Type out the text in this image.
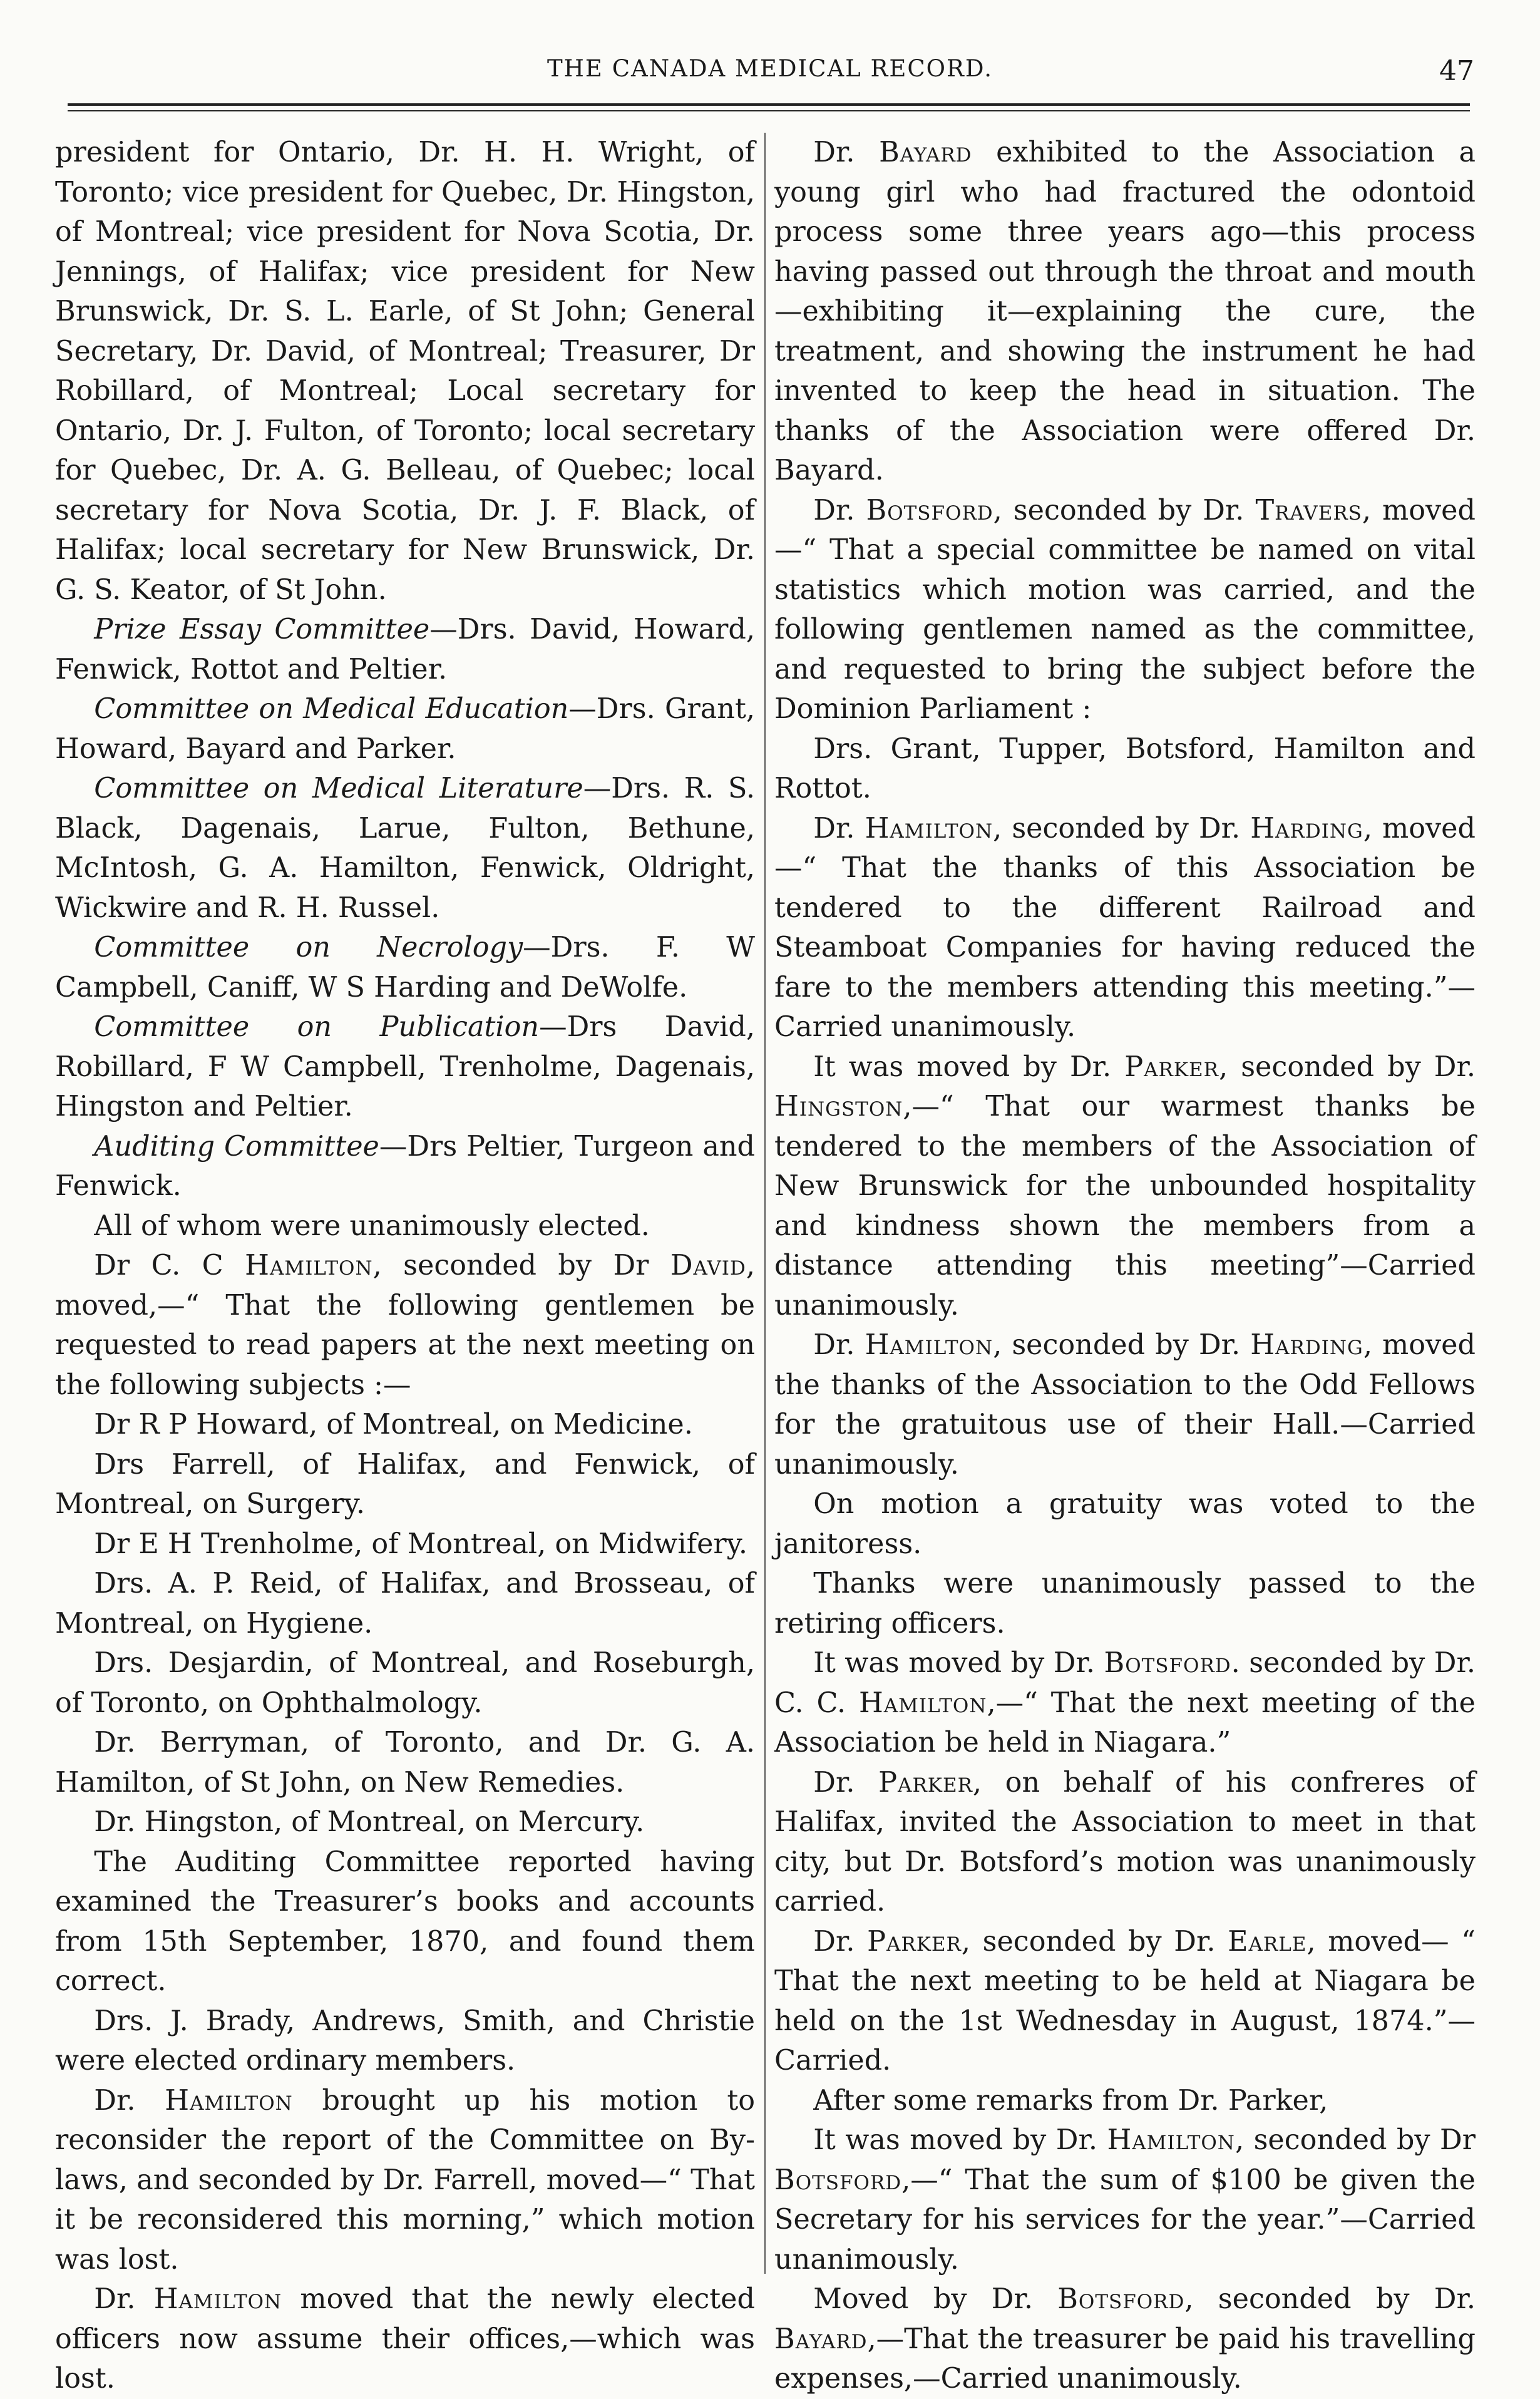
THE CANADA MEDICAL RECORD.	47

president for Ontario, Dr. H. H. Wright, of Toronto; vice president for Quebec, Dr. Hingston, of Montreal; vice president for Nova Scotia, Dr. Jennings, of Halifax; vice president for New Brunswick, Dr. S. L. Earle, of St John; General Secretary, Dr. David, of Montreal; Treasurer, Dr Robillard, of Montreal; Local secretary for Ontario, Dr. J. Fulton, of Toronto; local secretary for Quebec, Dr. A. G. Belleau, of Quebec; local secretary for Nova Scotia, Dr. J. F. Black, of Halifax; local secretary for New Brunswick, Dr. G. S. Keator, of St John.

Prize Essay Committee—Drs. David, Howard, Fenwick, Rottot and Peltier.

Committee on Medical Education—Drs. Grant, Howard, Bayard and Parker.

Committee on Medical Literature—Drs. R. S. Black, Dagenais, Larue, Fulton, Bethune, McIntosh, G. A. Hamilton, Fenwick, Oldright, Wickwire and R. H. Russel.

Committee on Necrology—Drs. F. W Campbell, Caniff, W S Harding and DeWolfe.

Committee on Publication—Drs David, Robillard, F W Campbell, Trenholme, Dagenais, Hingston and Peltier.

Auditing Committee—Drs Peltier, Turgeon and Fenwick.

All of whom were unanimously elected.

Dr C. C Hamilton, seconded by Dr David, moved,—“ That the following gentlemen be requested to read papers at the next meeting on the following subjects :—

Dr R P Howard, of Montreal, on Medicine.

Drs Farrell, of Halifax, and Fenwick, of Montreal, on Surgery.

Dr E H Trenholme, of Montreal, on Midwifery.

Drs. A. P. Reid, of Halifax, and Brosseau, of Montreal, on Hygiene.

Drs. Desjardin, of Montreal, and Roseburgh, of Toronto, on Ophthalmology.

Dr. Berryman, of Toronto, and Dr. G. A. Hamilton, of St John, on New Remedies.

Dr. Hingston, of Montreal, on Mercury.

The Auditing Committee reported having examined the Treasurer’s books and accounts from 15th September, 1870, and found them correct.

Drs. J. Brady, Andrews, Smith, and Christie were elected ordinary members.

Dr. Hamilton brought up his motion to reconsider the report of the Committee on By-laws, and seconded by Dr. Farrell, moved—“ That it be reconsidered this morning,” which motion was lost.

Dr. Hamilton moved that the newly elected officers now assume their offices,—which was lost.

Dr. Bayard exhibited to the Association a young girl who had fractured the odontoid process some three years ago—this process having passed out through the throat and mouth—exhibiting it—explaining the cure, the treatment, and showing the instrument he had invented to keep the head in situation. The thanks of the Association were offered Dr. Bayard.

Dr. Botsford, seconded by Dr. Travers, moved—“ That a special committee be named on vital statistics which motion was carried, and the following gentlemen named as the committee, and requested to bring the subject before the Dominion Parliament :

Drs. Grant, Tupper, Botsford, Hamilton and Rottot.

Dr. Hamilton, seconded by Dr. Harding, moved—“ That the thanks of this Association be tendered to the different Railroad and Steamboat Companies for having reduced the fare to the members attending this meeting.”—Carried unanimously.

It was moved by Dr. Parker, seconded by Dr. Hingston,—“ That our warmest thanks be tendered to the members of the Association of New Brunswick for the unbounded hospitality and kindness shown the members from a distance attending this meeting”—Carried unanimously.

Dr. Hamilton, seconded by Dr. Harding, moved the thanks of the Association to the Odd Fellows for the gratuitous use of their Hall.—Carried unanimously.

On motion a gratuity was voted to the janitoress.

Thanks were unanimously passed to the retiring officers.

It was moved by Dr. Botsford. seconded by Dr. C. C. Hamilton,—“ That the next meeting of the Association be held in Niagara.”

Dr. Parker, on behalf of his confreres of Halifax, invited the Association to meet in that city, but Dr. Botsford’s motion was unanimously carried.

Dr. Parker, seconded by Dr. Earle, moved— “ That the next meeting to be held at Niagara be held on the 1st Wednesday in August, 1874.”—Carried.

After some remarks from Dr. Parker,

It was moved by Dr. Hamilton, seconded by Dr Botsford,—“ That the sum of $100 be given the Secretary for his services for the year.”—Carried unanimously.

Moved by Dr. Botsford, seconded by Dr. Bayard,—That the treasurer be paid his travelling expenses,—Carried unanimously.
